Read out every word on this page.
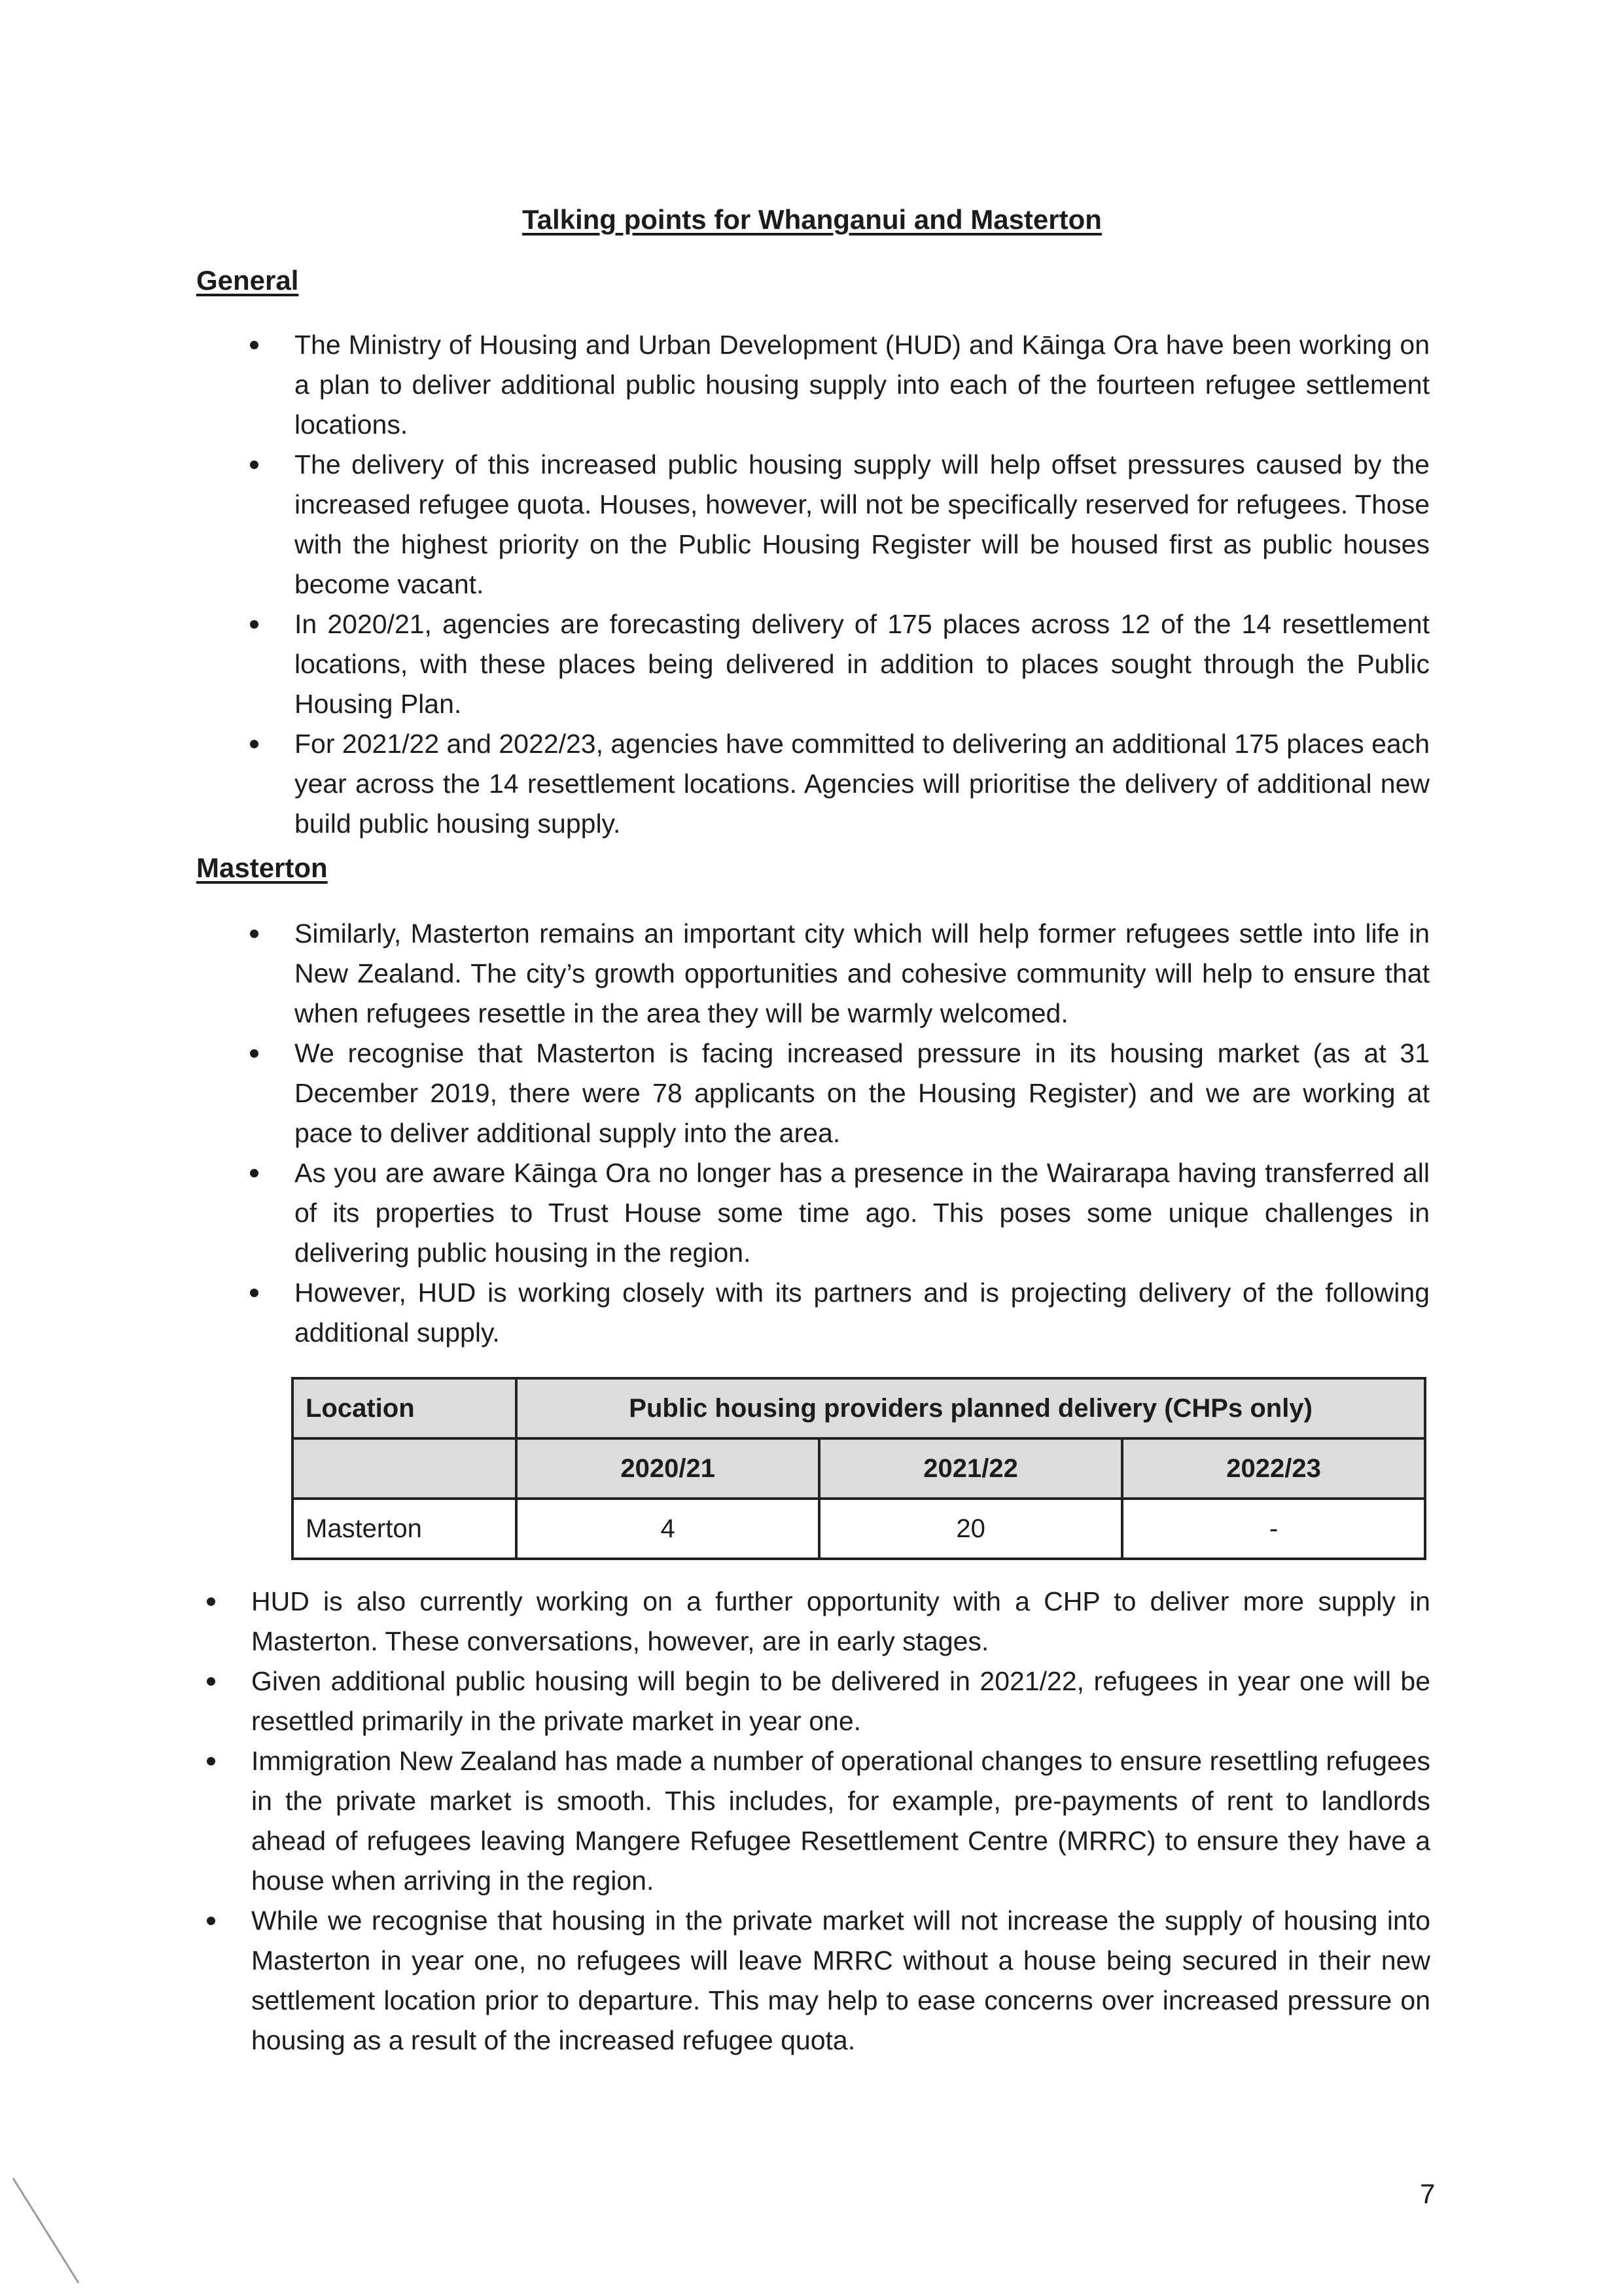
Talking points for Whanganui and Masterton
General
The Ministry of Housing and Urban Development (HUD) and Kāinga Ora have been working on a plan to deliver additional public housing supply into each of the fourteen refugee settlement locations.
The delivery of this increased public housing supply will help offset pressures caused by the increased refugee quota. Houses, however, will not be specifically reserved for refugees. Those with the highest priority on the Public Housing Register will be housed first as public houses become vacant.
In 2020/21, agencies are forecasting delivery of 175 places across 12 of the 14 resettlement locations, with these places being delivered in addition to places sought through the Public Housing Plan.
For 2021/22 and 2022/23, agencies have committed to delivering an additional 175 places each year across the 14 resettlement locations. Agencies will prioritise the delivery of additional new build public housing supply.
Masterton
Similarly, Masterton remains an important city which will help former refugees settle into life in New Zealand. The city’s growth opportunities and cohesive community will help to ensure that when refugees resettle in the area they will be warmly welcomed.
We recognise that Masterton is facing increased pressure in its housing market (as at 31 December 2019, there were 78 applicants on the Housing Register) and we are working at pace to deliver additional supply into the area.
As you are aware Kāinga Ora no longer has a presence in the Wairarapa having transferred all of its properties to Trust House some time ago. This poses some unique challenges in delivering public housing in the region.
However, HUD is working closely with its partners and is projecting delivery of the following additional supply.
Location	Public housing providers planned delivery (CHPs only)		
	2020/21	2021/22	2022/23
Masterton	4	20	-
HUD is also currently working on a further opportunity with a CHP to deliver more supply in Masterton. These conversations, however, are in early stages.
Given additional public housing will begin to be delivered in 2021/22, refugees in year one will be resettled primarily in the private market in year one.
Immigration New Zealand has made a number of operational changes to ensure resettling refugees in the private market is smooth. This includes, for example, pre-payments of rent to landlords ahead of refugees leaving Mangere Refugee Resettlement Centre (MRRC) to ensure they have a house when arriving in the region.
While we recognise that housing in the private market will not increase the supply of housing into Masterton in year one, no refugees will leave MRRC without a house being secured in their new settlement location prior to departure. This may help to ease concerns over increased pressure on housing as a result of the increased refugee quota.
7
